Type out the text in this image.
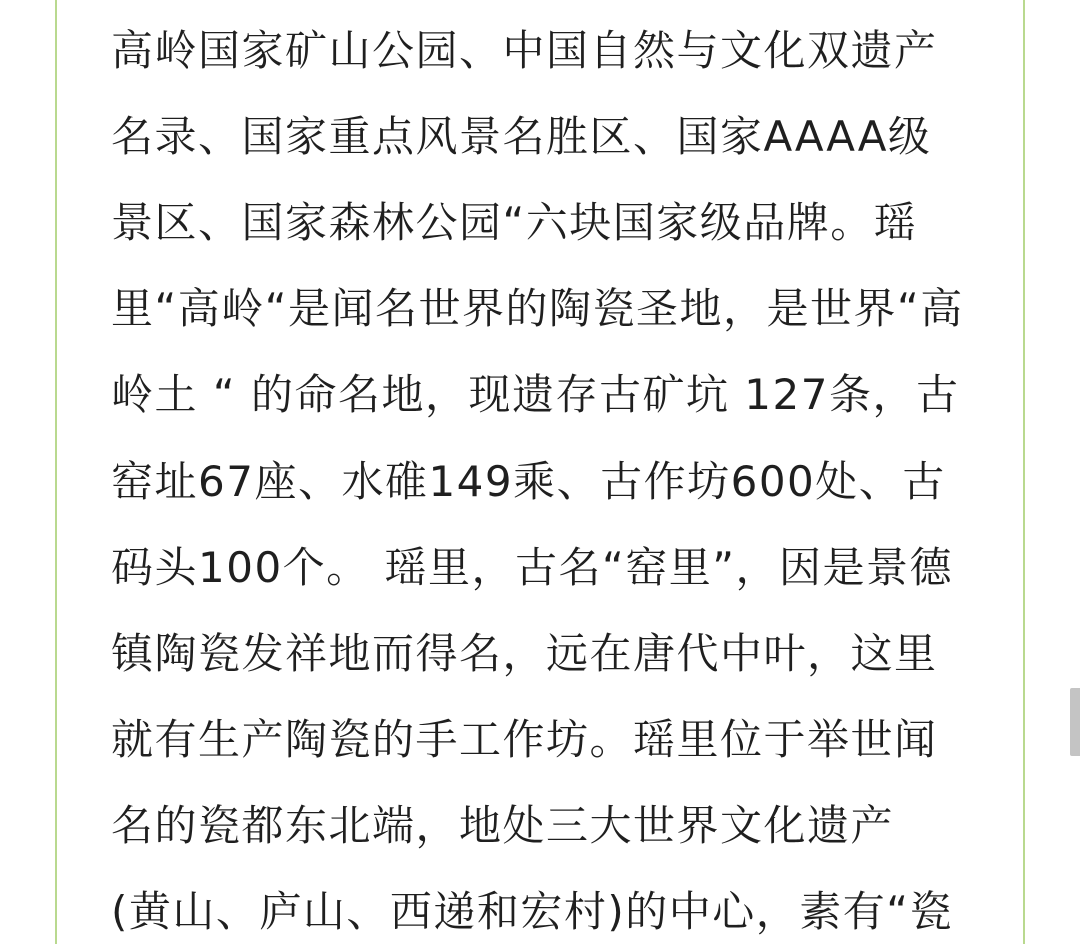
高岭国家矿山公园、中国自然与文化双遗产
名录、国家重点风景名胜区、国家AAAA级
景区、国家森林公园“六块国家级品牌。瑶
里“高岭“是闻名世界的陶瓷圣地，是世界“高
岭土 “ 的命名地，现遗存古矿坑 127条，古
窑址67座、水碓149乘、古作坊600处、古
码头100个。 瑶里，古名“窑里”，因是景德
镇陶瓷发祥地而得名，远在唐代中叶，这里
就有生产陶瓷的手工作坊。瑶里位于举世闻
名的瓷都东北端，地处三大世界文化遗产
(黄山、庐山、西递和宏村)的中心，素有“瓷
